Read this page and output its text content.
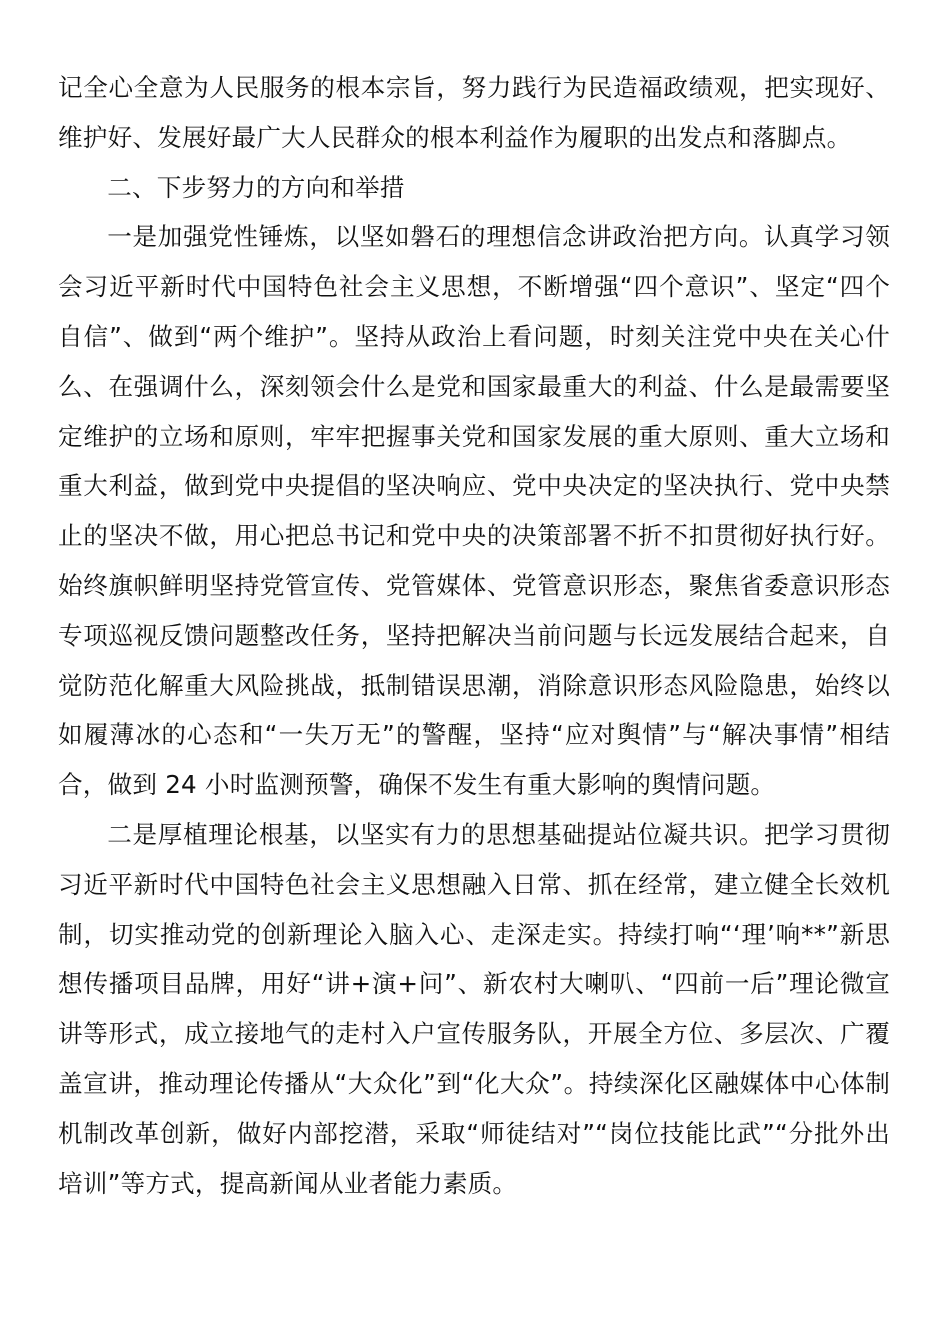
记全心全意为人民服务的根本宗旨，努力践行为民造福政绩观，把实现好、维护好、发展好最广大人民群众的根本利益作为履职的出发点和落脚点。

二、下步努力的方向和举措

一是加强党性锤炼，以坚如磐石的理想信念讲政治把方向。认真学习领会习近平新时代中国特色社会主义思想，不断增强“四个意识”、坚定“四个自信”、做到“两个维护”。坚持从政治上看问题，时刻关注党中央在关心什么、在强调什么，深刻领会什么是党和国家最重大的利益、什么是最需要坚定维护的立场和原则，牢牢把握事关党和国家发展的重大原则、重大立场和重大利益，做到党中央提倡的坚决响应、党中央决定的坚决执行、党中央禁止的坚决不做，用心把总书记和党中央的决策部署不折不扣贯彻好执行好。始终旗帜鲜明坚持党管宣传、党管媒体、党管意识形态，聚焦省委意识形态专项巡视反馈问题整改任务，坚持把解决当前问题与长远发展结合起来，自觉防范化解重大风险挑战，抵制错误思潮，消除意识形态风险隐患，始终以如履薄冰的心态和“一失万无”的警醒，坚持“应对舆情”与“解决事情”相结合，做到 24 小时监测预警，确保不发生有重大影响的舆情问题。

二是厚植理论根基，以坚实有力的思想基础提站位凝共识。把学习贯彻习近平新时代中国特色社会主义思想融入日常、抓在经常，建立健全长效机制，切实推动党的创新理论入脑入心、走深走实。持续打响“‘理’响**”新思想传播项目品牌，用好“讲+演+问”、新农村大喇叭、“四前一后”理论微宣讲等形式，成立接地气的走村入户宣传服务队，开展全方位、多层次、广覆盖宣讲，推动理论传播从“大众化”到“化大众”。持续深化区融媒体中心体制机制改革创新，做好内部挖潜，采取“师徒结对”“岗位技能比武”“分批外出培训”等方式，提高新闻从业者能力素质。
